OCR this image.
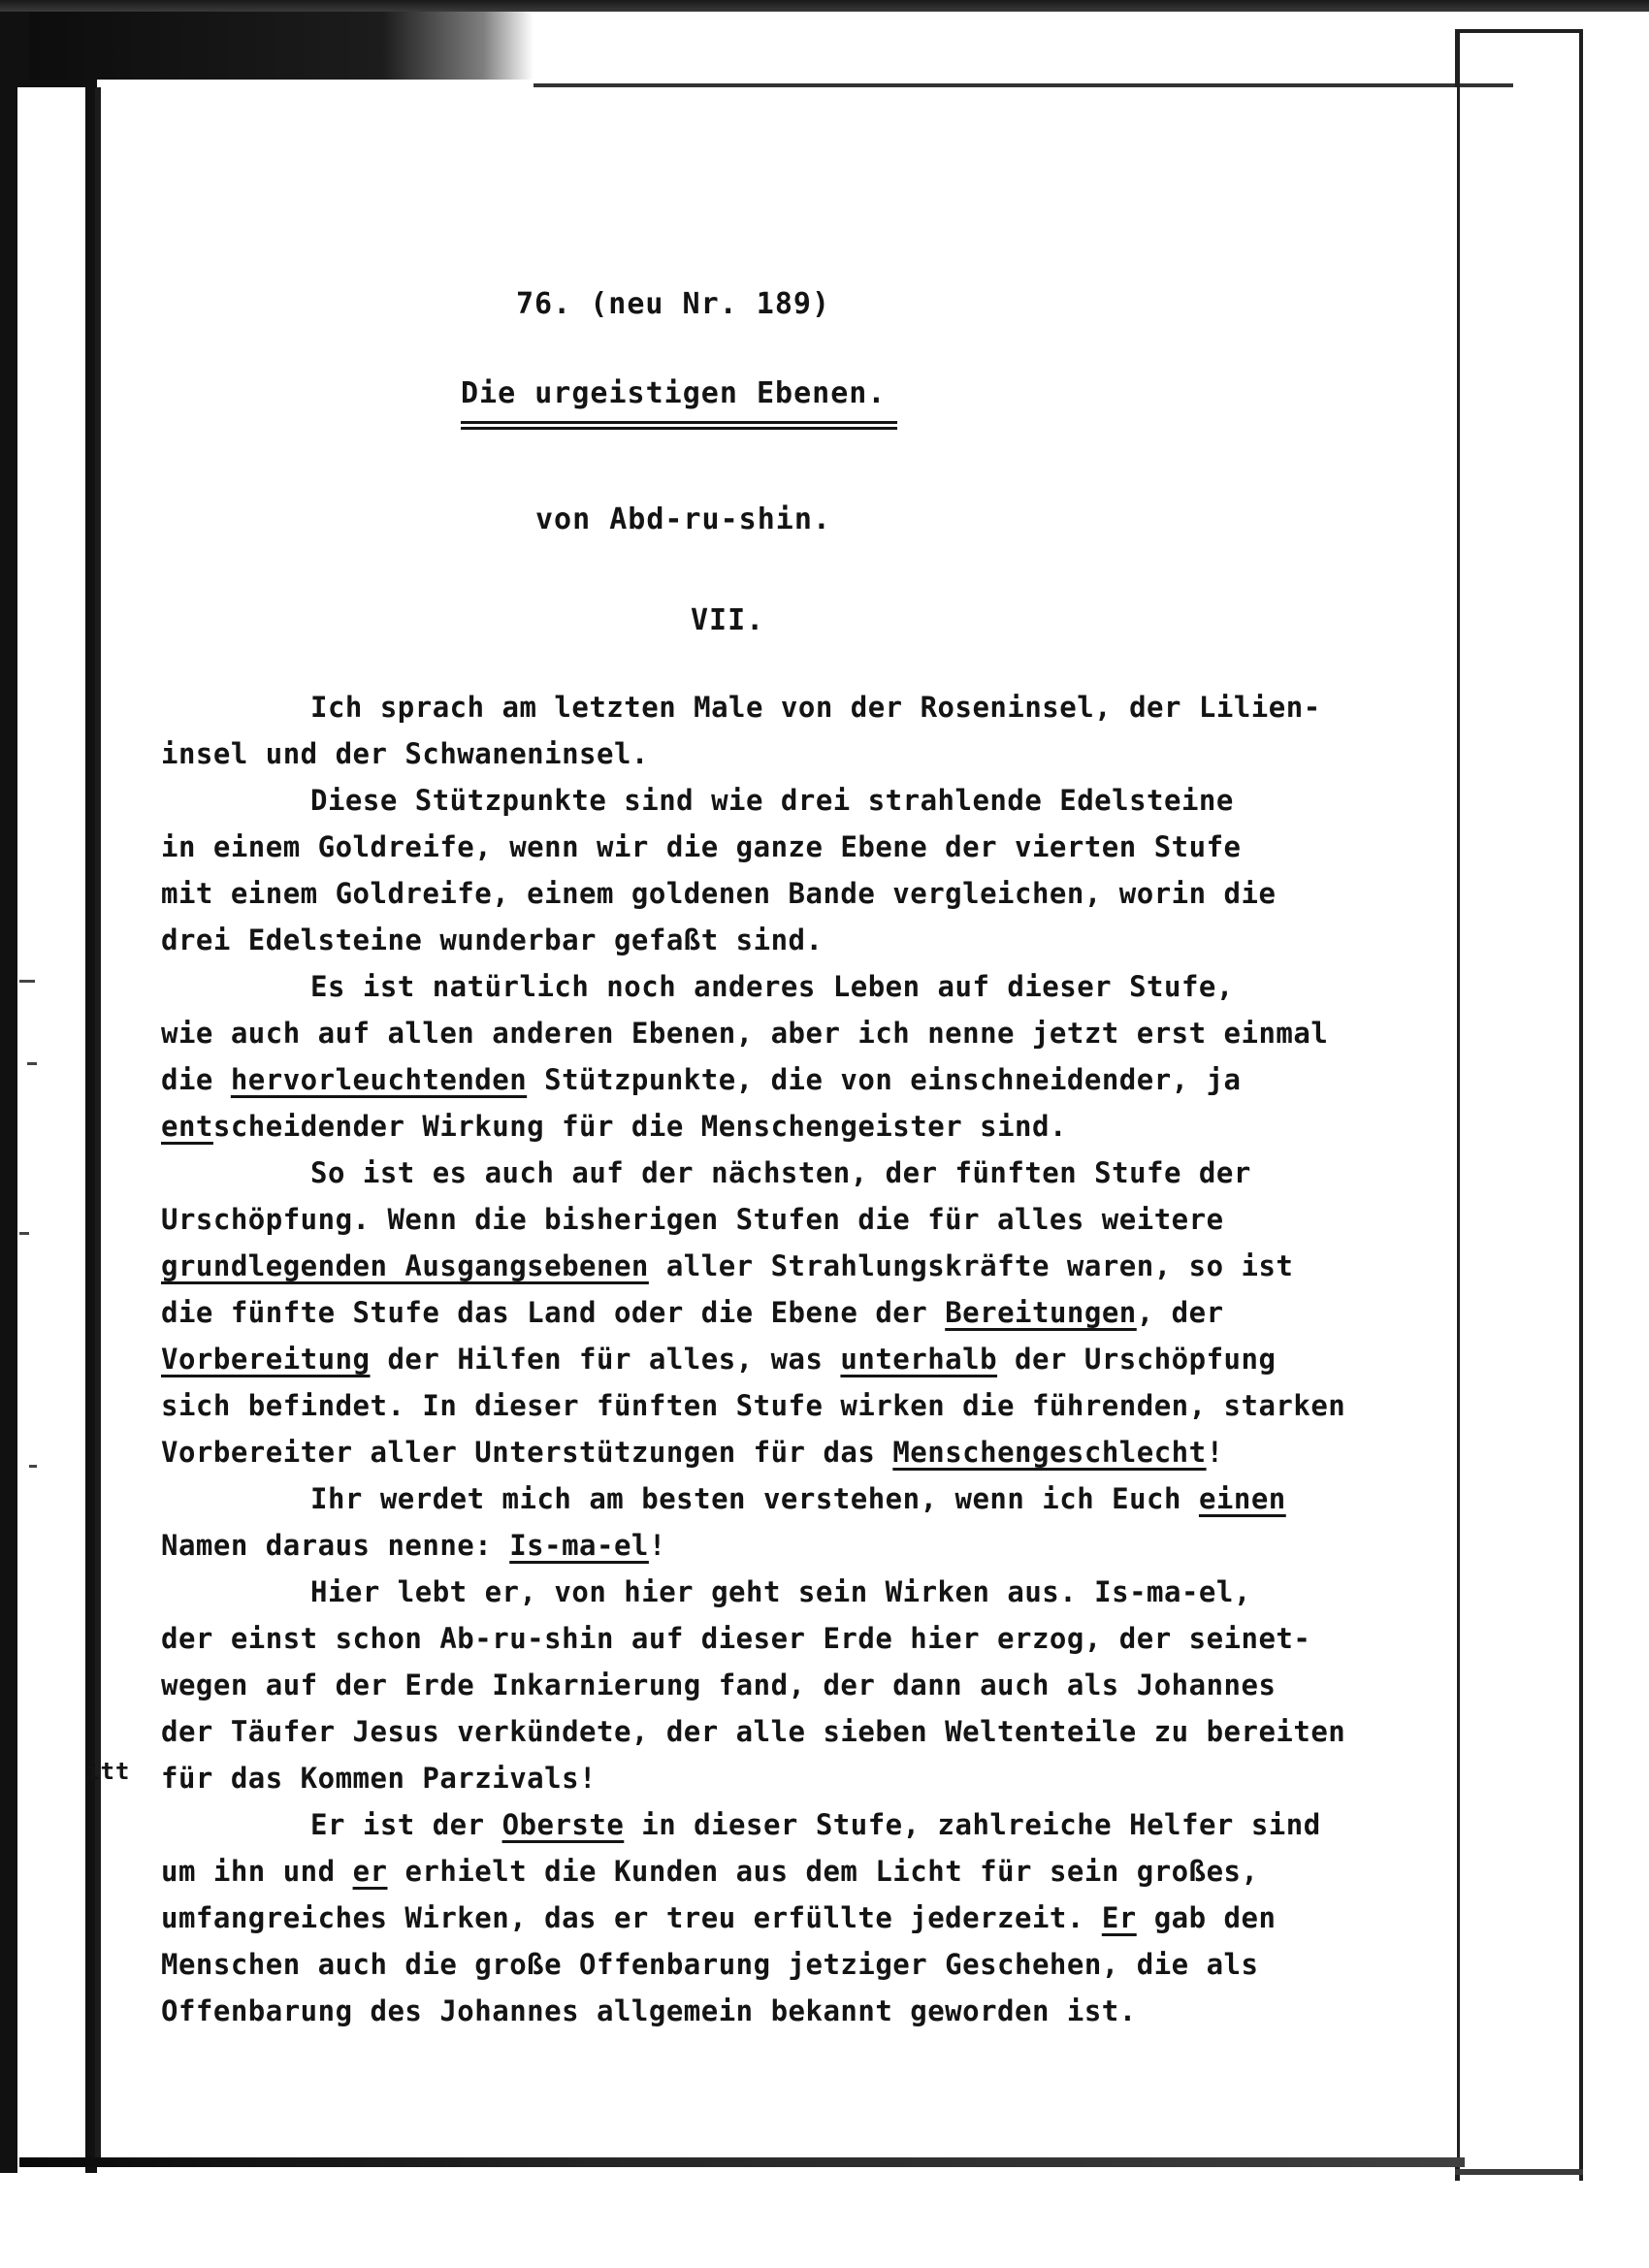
76. (neu Nr. 189)
Die urgeistigen Ebenen.
von Abd-ru-shin.
VII.
itt
Ich sprach am letzten Male von der Roseninsel, der Lilien-
insel und der Schwaneninsel.
Diese Stützpunkte sind wie drei strahlende Edelsteine
in einem Goldreife, wenn wir die ganze Ebene der vierten Stufe
mit einem Goldreife, einem goldenen Bande vergleichen, worin die
drei Edelsteine wunderbar gefaßt sind.
Es ist natürlich noch anderes Leben auf dieser Stufe,
wie auch auf allen anderen Ebenen, aber ich nenne jetzt erst einmal
die hervorleuchtenden Stützpunkte, die von einschneidender, ja
entscheidender Wirkung für die Menschengeister sind.
So ist es auch auf der nächsten, der fünften Stufe der
Urschöpfung. Wenn die bisherigen Stufen die für alles weitere
grundlegenden Ausgangsebenen aller Strahlungskräfte waren, so ist
die fünfte Stufe das Land oder die Ebene der Bereitungen, der
Vorbereitung der Hilfen für alles, was unterhalb der Urschöpfung
sich befindet. In dieser fünften Stufe wirken die führenden, starken
Vorbereiter aller Unterstützungen für das Menschengeschlecht!
Ihr werdet mich am besten verstehen, wenn ich Euch einen
Namen daraus nenne: Is-ma-el!
Hier lebt er, von hier geht sein Wirken aus. Is-ma-el,
der einst schon Ab-ru-shin auf dieser Erde hier erzog, der seinet-
wegen auf der Erde Inkarnierung fand, der dann auch als Johannes
der Täufer Jesus verkündete, der alle sieben Weltenteile zu bereiten
für das Kommen Parzivals!
Er ist der Oberste in dieser Stufe, zahlreiche Helfer sind
um ihn und er erhielt die Kunden aus dem Licht für sein großes,
umfangreiches Wirken, das er treu erfüllte jederzeit. Er gab den
Menschen auch die große Offenbarung jetziger Geschehen, die als
Offenbarung des Johannes allgemein bekannt geworden ist.
